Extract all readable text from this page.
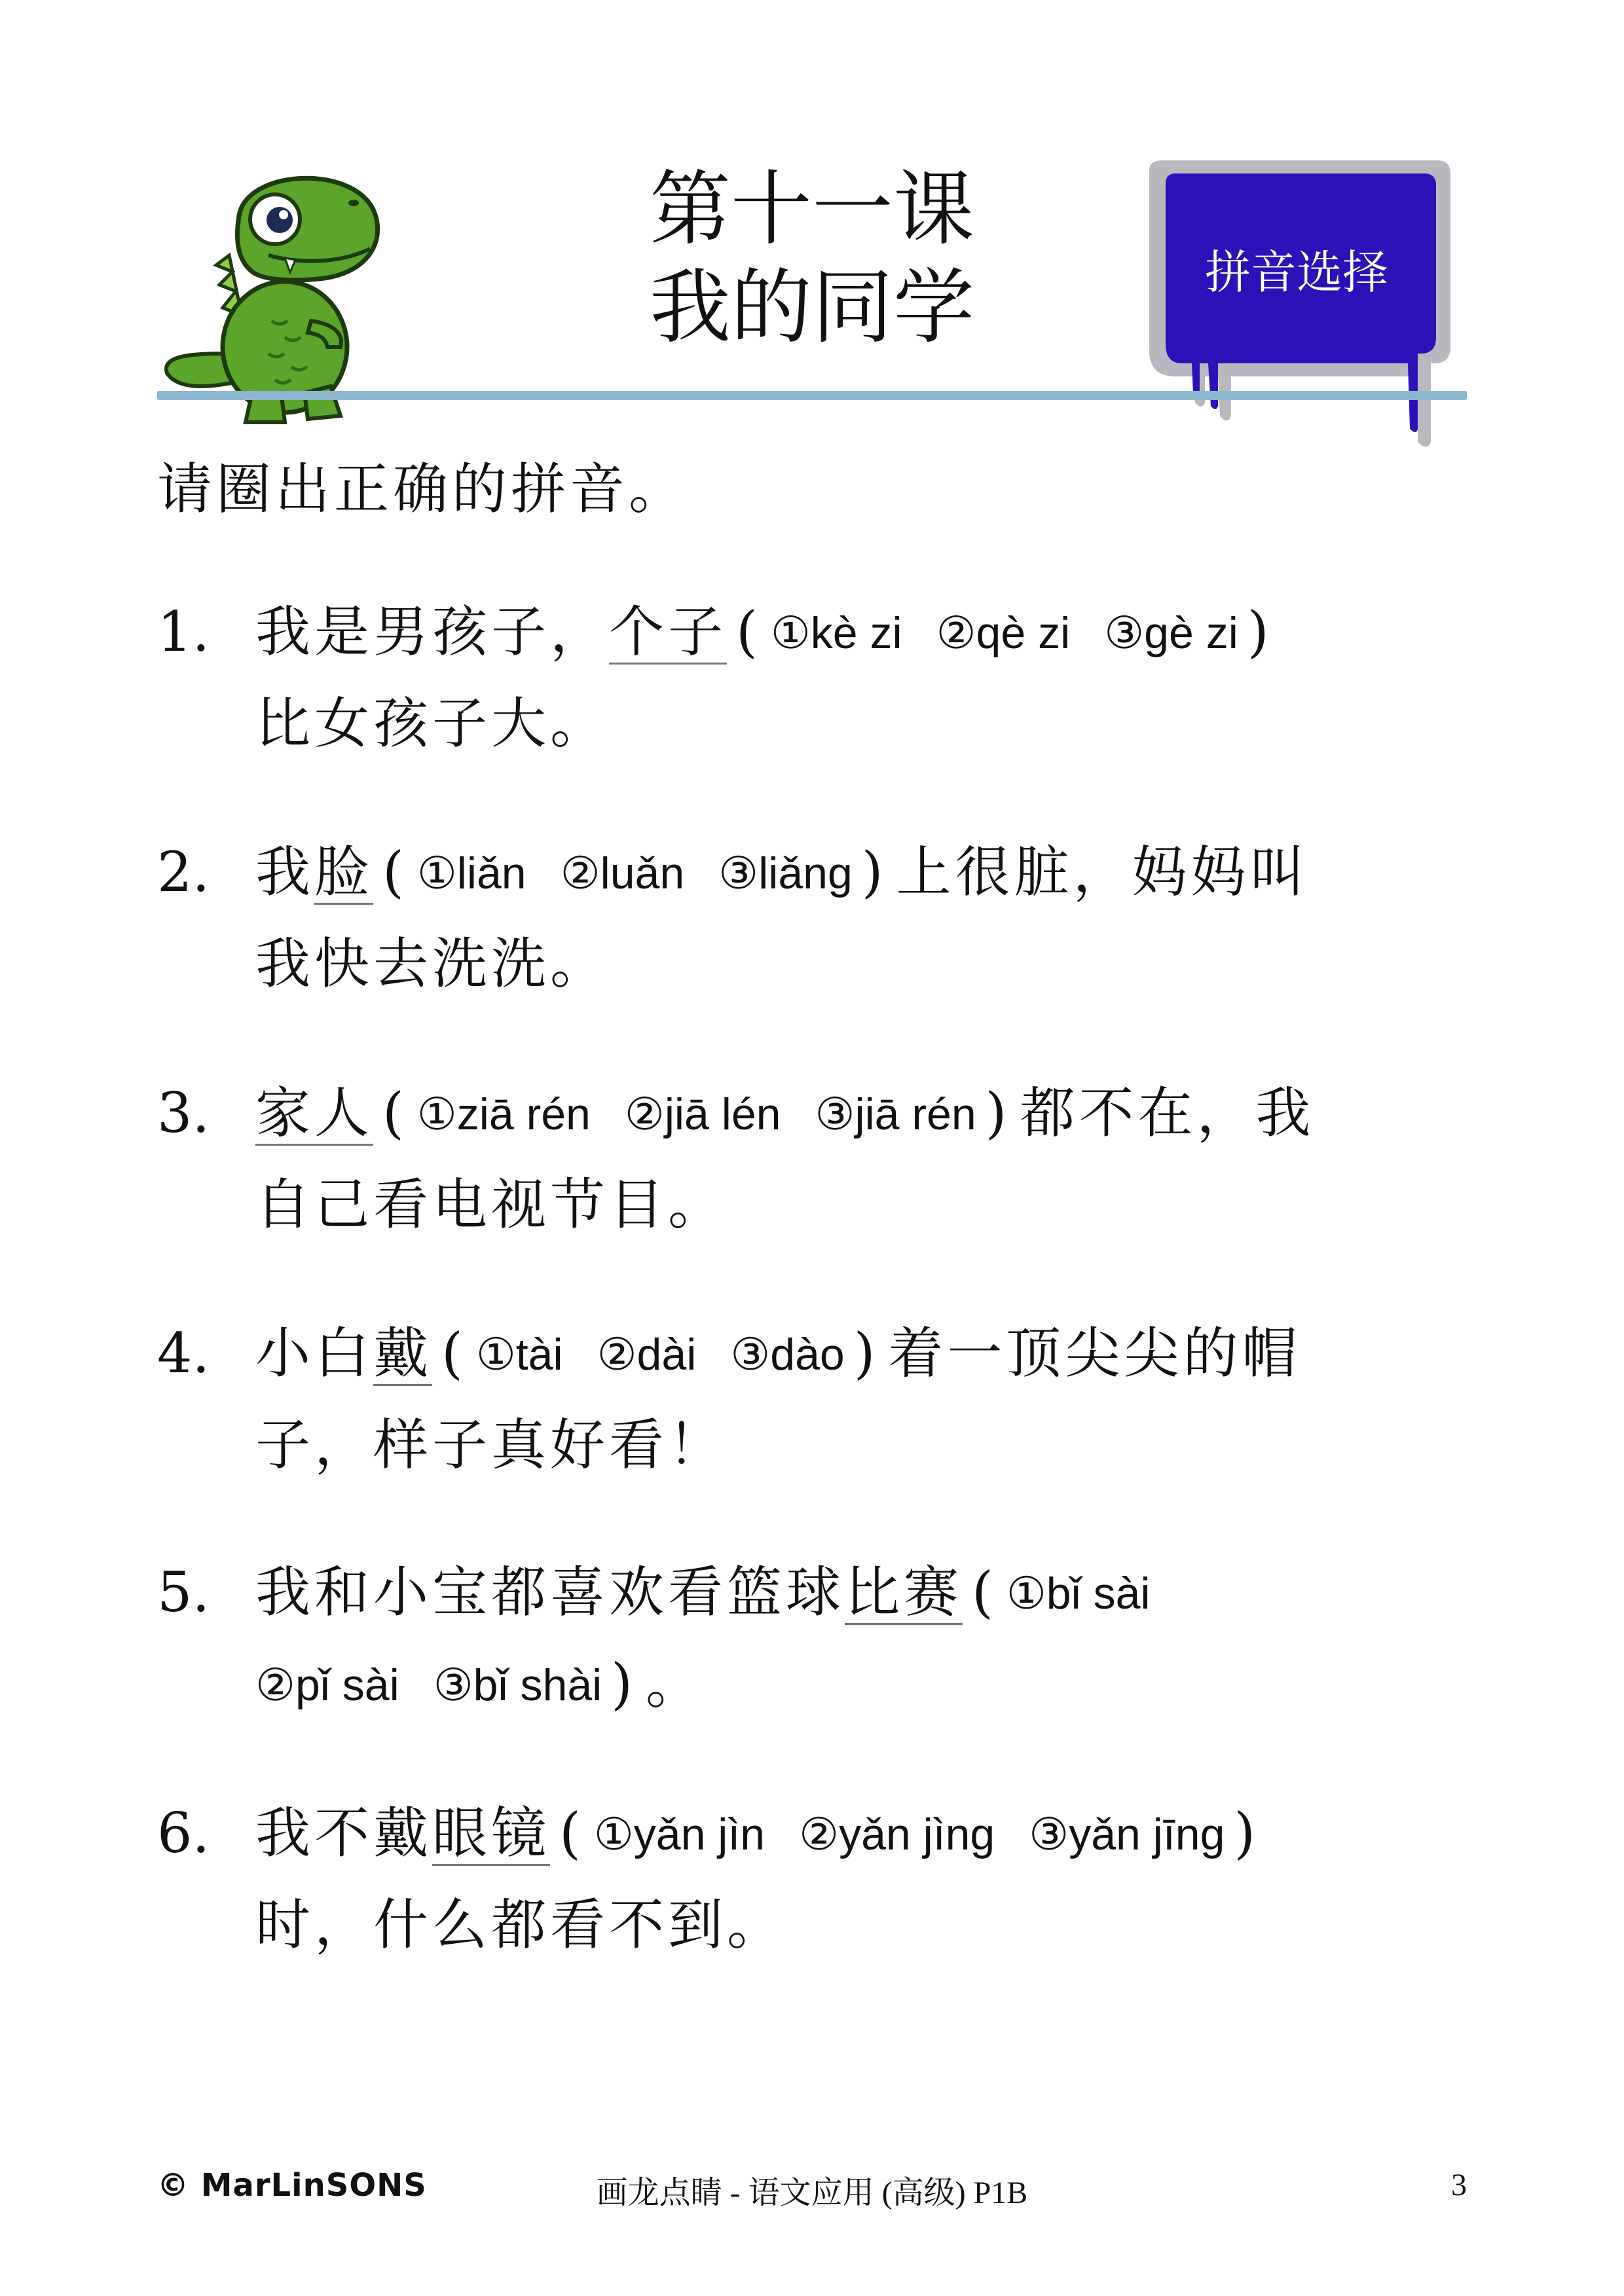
第十一课
我的同学	拼音选择
请圈出正确的拼音。
1. 我是男孩子，个子 ( ①kè zi ②qè zi ③gè zi )
比女孩子大。
2. 我脸 ( ①liǎn ②luǎn ③liǎng ) 上很脏，妈妈叫
我快去洗洗。
3. 家人 ( ①ziā rén ②jiā lén ③jiā rén ) 都不在，我
自己看电视节目。
4. 小白戴 ( ①tài ②dài ③dào ) 着一顶尖尖的帽
子，样子真好看！
5. 我和小宝都喜欢看篮球比赛 ( ①bǐ sài
②pǐ sài ③bǐ shài ) 。
6. 我不戴眼镜 ( ①yǎn jìn ②yǎn jìng ③yǎn jīng )
时，什么都看不到。
© MarLinSONS	画龙点睛 - 语文应用 (高级) P1B	3
